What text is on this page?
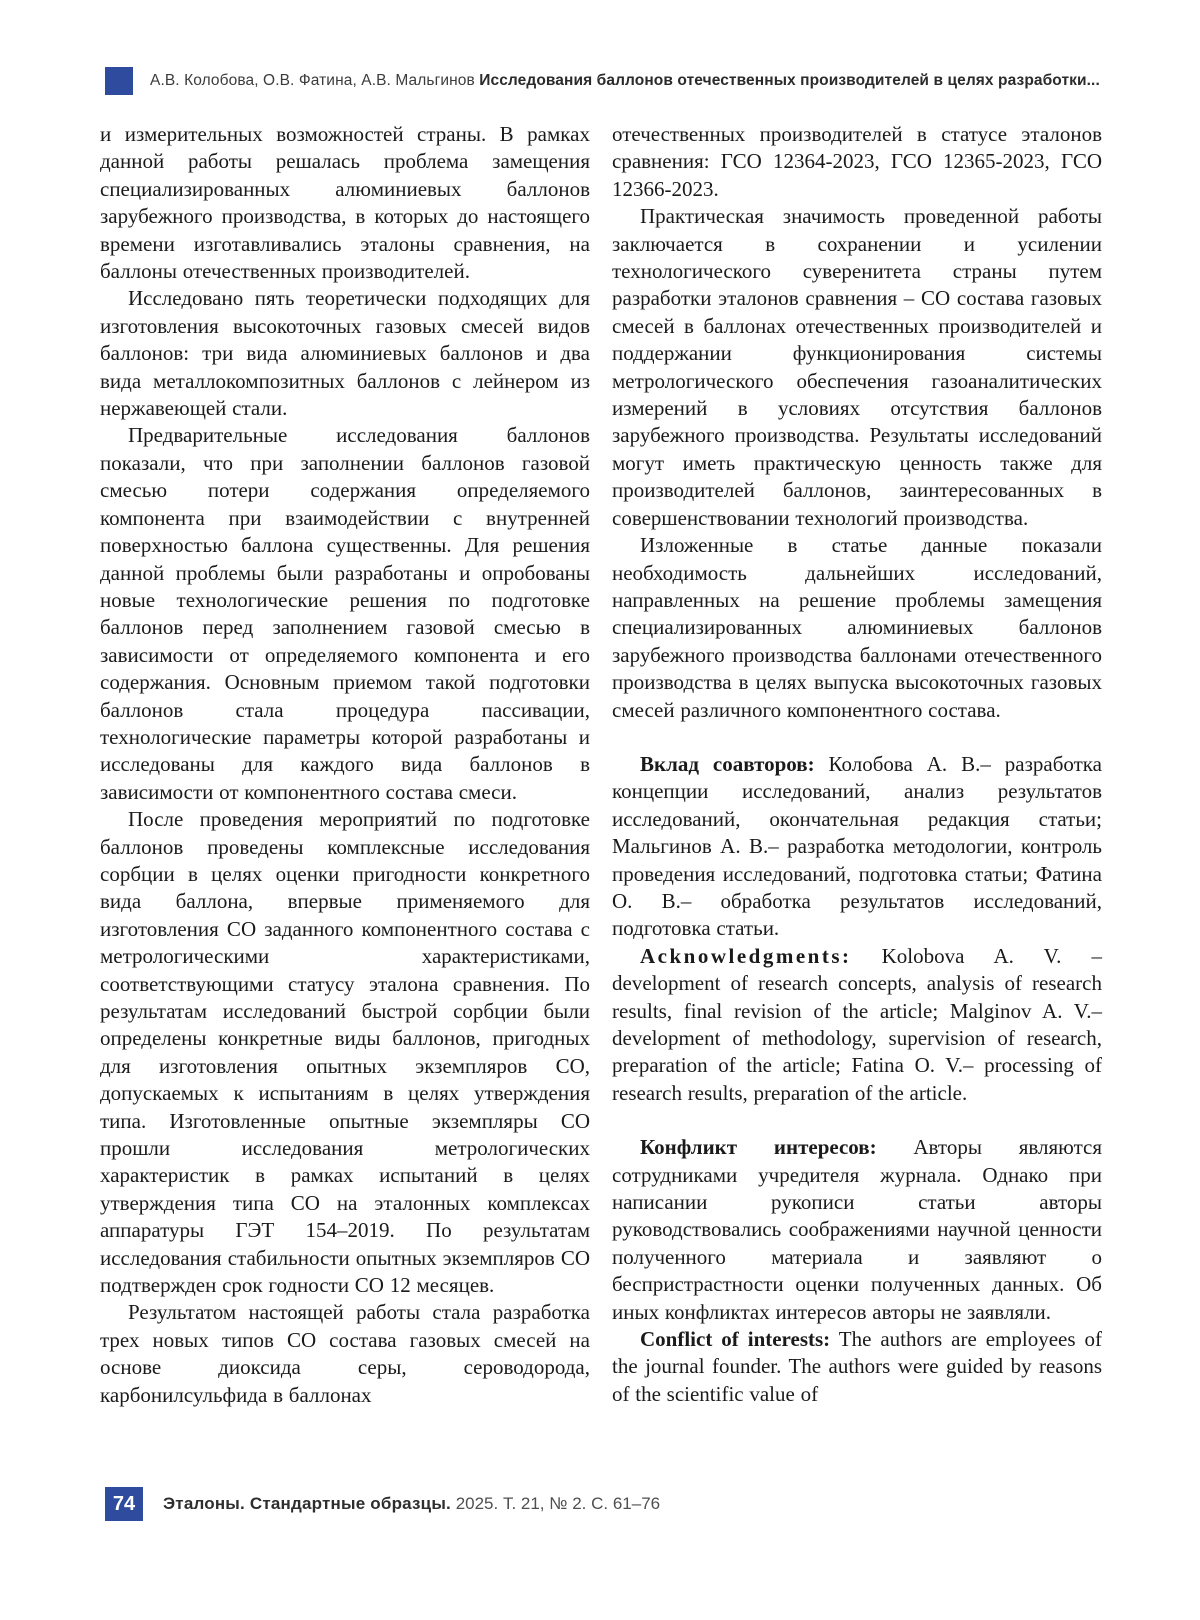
А.В. Колобова, О.В. Фатина, А.В. Мальгинов Исследования баллонов отечественных производителей в целях разработки...

и измерительных возможностей страны. В рамках данной работы решалась проблема замещения специализированных алюминиевых баллонов зарубежного производства, в которых до настоящего времени изготавливались эталоны сравнения, на баллоны отечественных производителей.

Исследовано пять теоретически подходящих для изготовления высокоточных газовых смесей видов баллонов: три вида алюминиевых баллонов и два вида металлокомпозитных баллонов с лейнером из нержавеющей стали.

Предварительные исследования баллонов показали, что при заполнении баллонов газовой смесью потери содержания определяемого компонента при взаимодействии с внутренней поверхностью баллона существенны. Для решения данной проблемы были разработаны и опробованы новые технологические решения по подготовке баллонов перед заполнением газовой смесью в зависимости от определяемого компонента и его содержания. Основным приемом такой подготовки баллонов стала процедура пассивации, технологические параметры которой разработаны и исследованы для каждого вида баллонов в зависимости от компонентного состава смеси.

После проведения мероприятий по подготовке баллонов проведены комплексные исследования сорбции в целях оценки пригодности конкретного вида баллона, впервые применяемого для изготовления СО заданного компонентного состава с метрологическими характеристиками, соответствующими статусу эталона сравнения. По результатам исследований быстрой сорбции были определены конкретные виды баллонов, пригодных для изготовления опытных экземпляров СО, допускаемых к испытаниям в целях утверждения типа. Изготовленные опытные экземпляры СО прошли исследования метрологических характеристик в рамках испытаний в целях утверждения типа СО на эталонных комплексах аппаратуры ГЭТ 154–2019. По результатам исследования стабильности опытных экземпляров СО подтвержден срок годности СО 12 месяцев.

Результатом настоящей работы стала разработка трех новых типов СО состава газовых смесей на основе диоксида серы, сероводорода, карбонилсульфида в баллонах

отечественных производителей в статусе эталонов сравнения: ГСО 12364-2023, ГСО 12365-2023, ГСО 12366-2023.

Практическая значимость проведенной работы заключается в сохранении и усилении технологического суверенитета страны путем разработки эталонов сравнения – СО состава газовых смесей в баллонах отечественных производителей и поддержании функционирования системы метрологического обеспечения газоаналитических измерений в условиях отсутствия баллонов зарубежного производства. Результаты исследований могут иметь практическую ценность также для производителей баллонов, заинтересованных в совершенствовании технологий производства.

Изложенные в статье данные показали необходимость дальнейших исследований, направленных на решение проблемы замещения специализированных алюминиевых баллонов зарубежного производства баллонами отечественного производства в целях выпуска высокоточных газовых смесей различного компонентного состава.

Вклад соавторов: Колобова А. В.– разработка концепции исследований, анализ результатов исследований, окончательная редакция статьи; Мальгинов А. В.– разработка методологии, контроль проведения исследований, подготовка статьи; Фатина О. В.– обработка результатов исследований, подготовка статьи.

Acknowledgments: Kolobova A. V. – development of research concepts, analysis of research results, final revision of the article; Malginov A. V.– development of methodology, supervision of research, preparation of the article; Fatina O. V.– processing of research results, preparation of the article.

Конфликт интересов: Авторы являются сотрудниками учредителя журнала. Однако при написании рукописи статьи авторы руководствовались соображениями научной ценности полученного материала и заявляют о беспристрастности оценки полученных данных. Об иных конфликтах интересов авторы не заявляли.

Conflict of interests: The authors are employees of the journal founder. The authors were guided by reasons of the scientific value of

74	Эталоны. Стандартные образцы. 2025. Т. 21, № 2. С. 61–76
